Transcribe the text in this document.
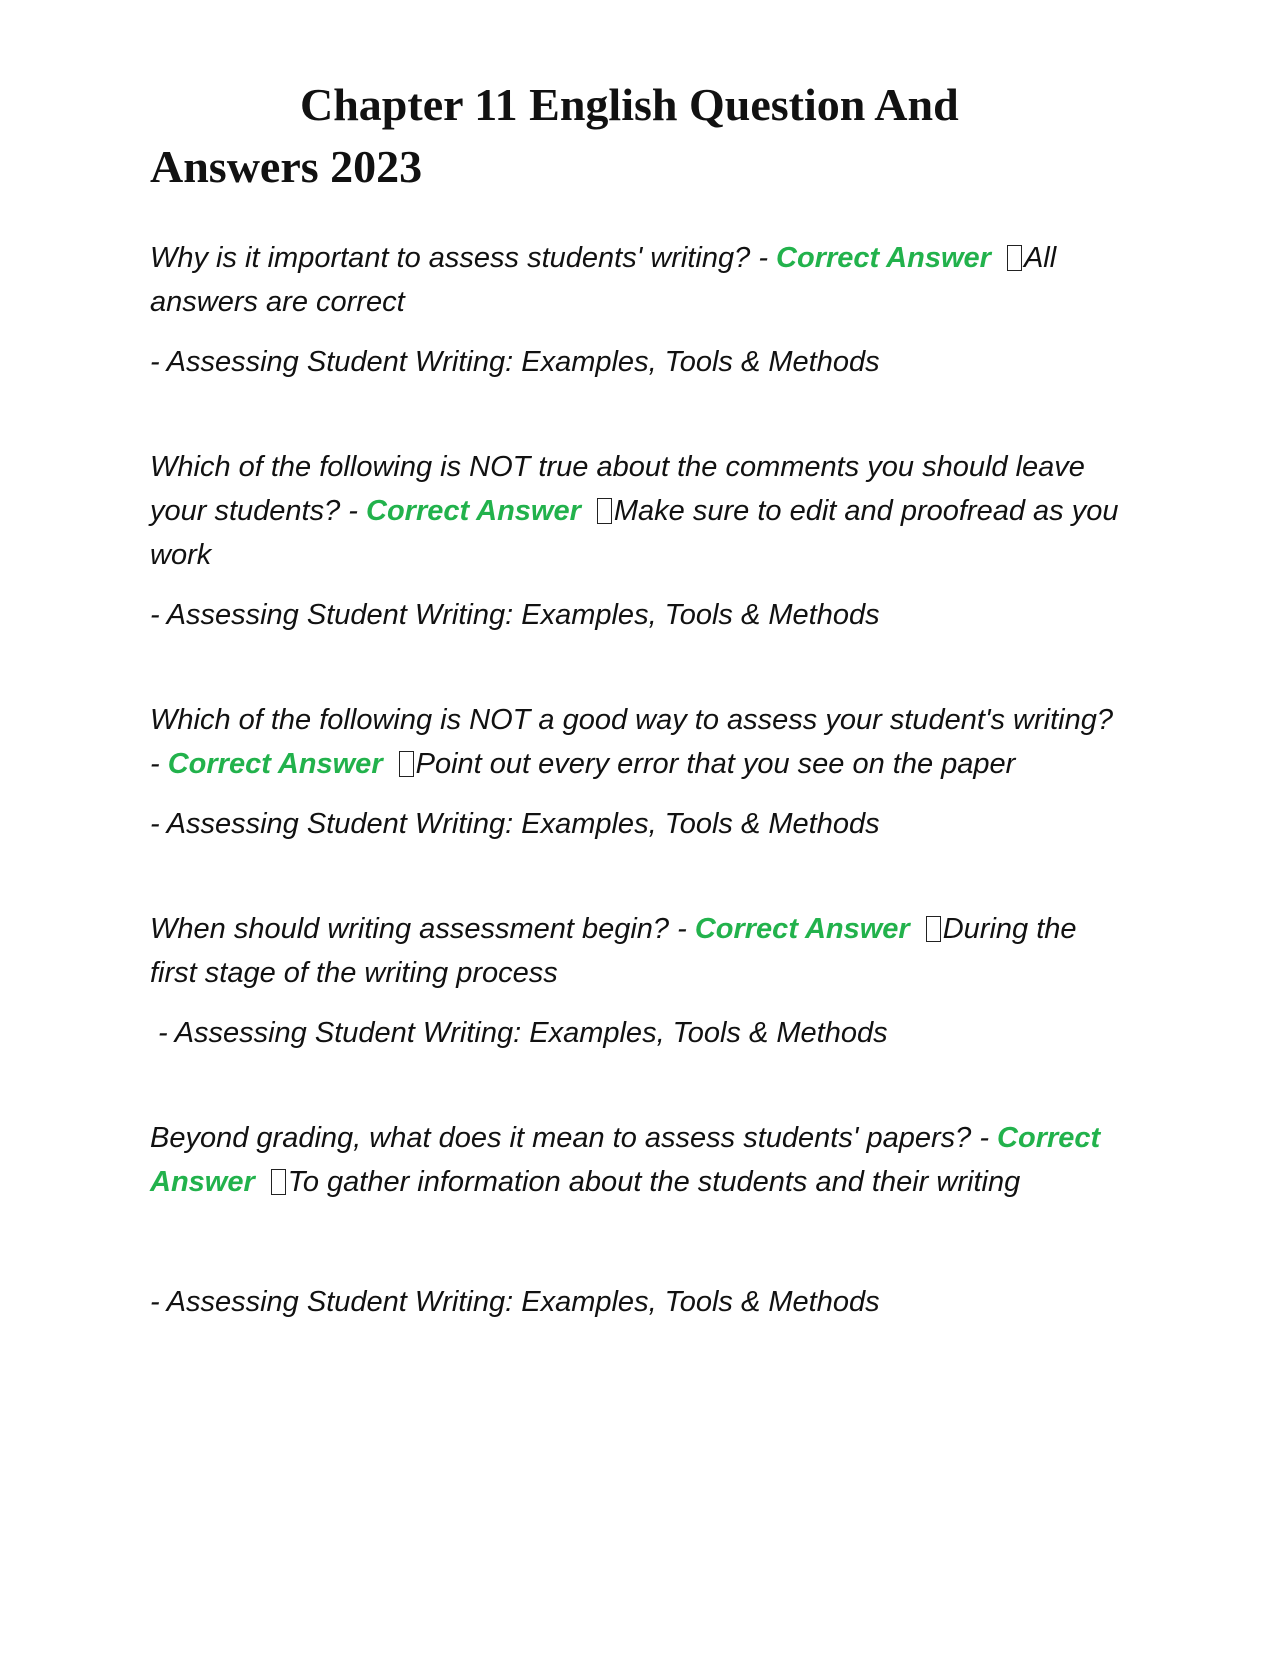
Chapter 11 English Question And Answers 2023

Why is it important to assess students' writing? - Correct Answer All answers are correct

- Assessing Student Writing: Examples, Tools & Methods

Which of the following is NOT true about the comments you should leave your students? - Correct Answer Make sure to edit and proofread as you work

- Assessing Student Writing: Examples, Tools & Methods

Which of the following is NOT a good way to assess your student's writing? - Correct Answer Point out every error that you see on the paper

- Assessing Student Writing: Examples, Tools & Methods

When should writing assessment begin? - Correct Answer During the first stage of the writing process

- Assessing Student Writing: Examples, Tools & Methods

Beyond grading, what does it mean to assess students' papers? - Correct Answer To gather information about the students and their writing

- Assessing Student Writing: Examples, Tools & Methods
